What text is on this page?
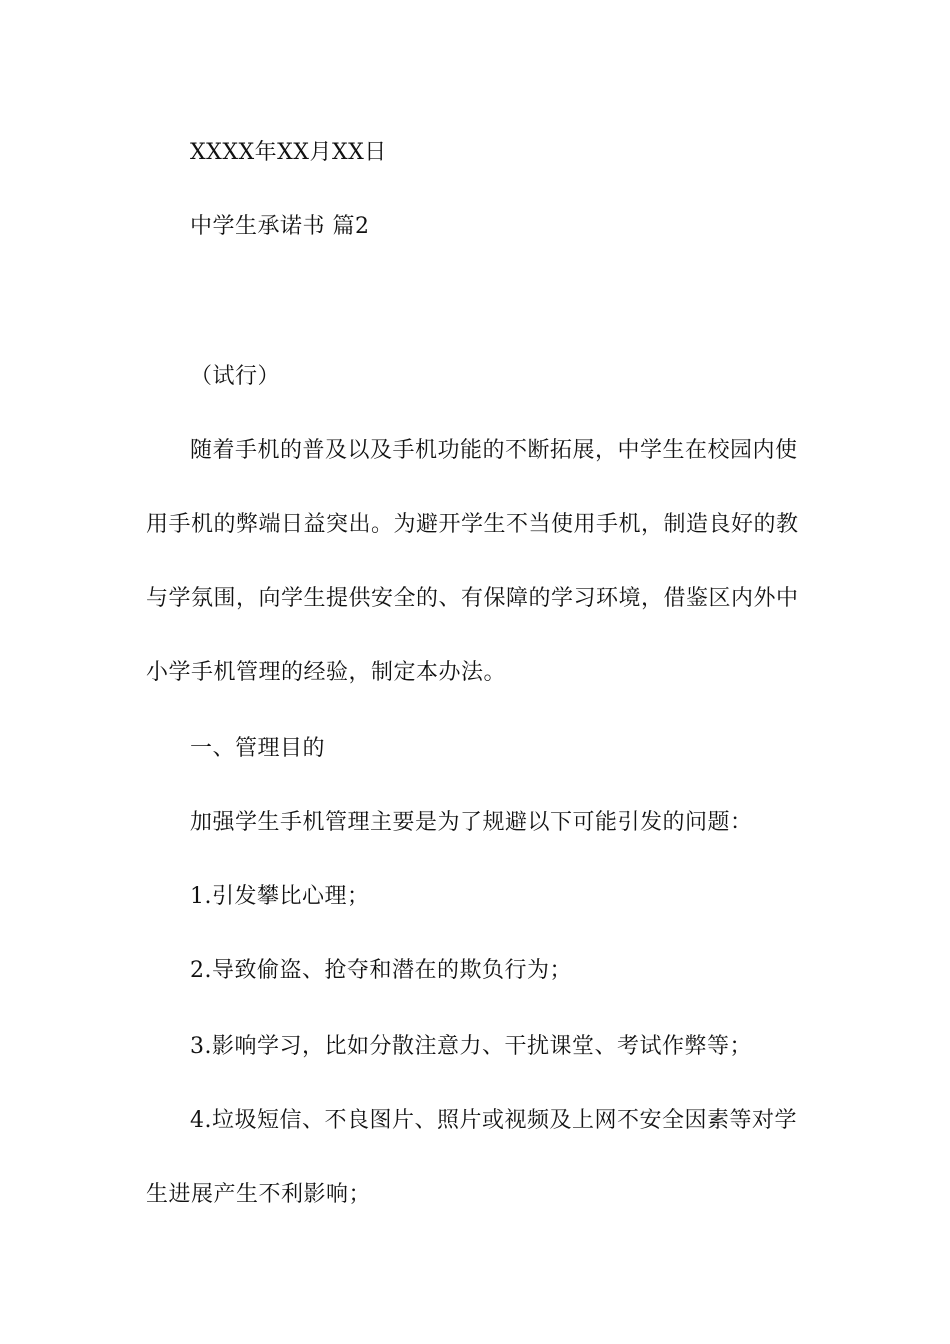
XXXX年XX月XX日
中学生承诺书 篇2
（试行）
随着手机的普及以及手机功能的不断拓展，中学生在校园内使
用手机的弊端日益突出。为避开学生不当使用手机，制造良好的教
与学氛围，向学生提供安全的、有保障的学习环境，借鉴区内外中
小学手机管理的经验，制定本办法。
一、管理目的
加强学生手机管理主要是为了规避以下可能引发的问题：
1.引发攀比心理；
2.导致偷盗、抢夺和潜在的欺负行为；
3.影响学习，比如分散注意力、干扰课堂、考试作弊等；
4.垃圾短信、不良图片、照片或视频及上网不安全因素等对学
生进展产生不利影响；
